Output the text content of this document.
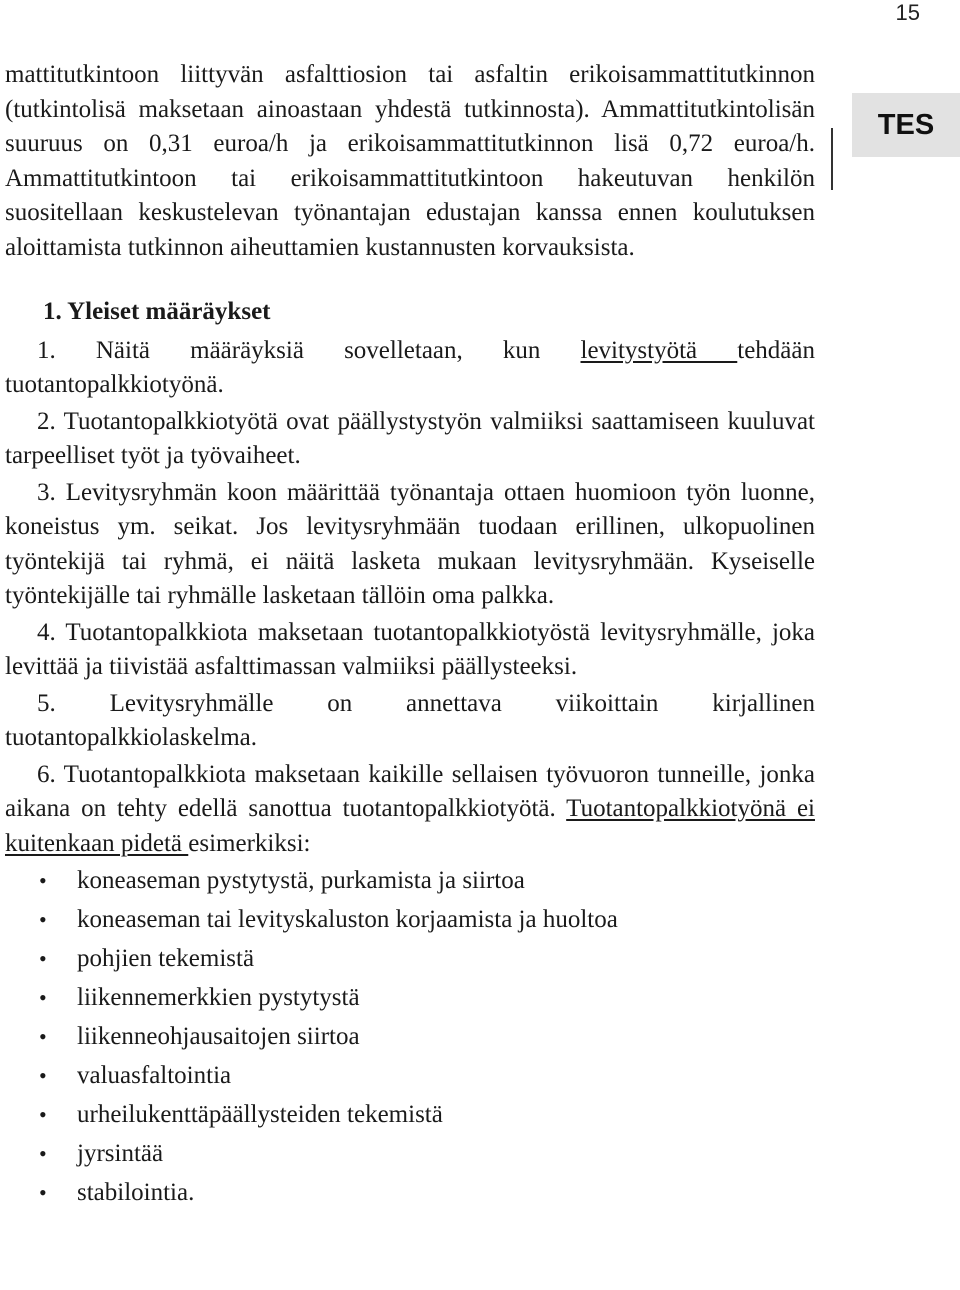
15
TES

mattitutkintoon liittyvän asfalttiosion tai asfaltin erikoisammattitutkinnon (tutkintolisä maksetaan ainoastaan yhdestä tutkinnosta). Ammattitutkintolisän suuruus on 0,31 euroa/h ja erikoisammattitutkinnon lisä 0,72 euroa/h. Ammattitutkintoon tai erikoisammattitutkintoon hakeutuvan henkilön suositellaan keskustelevan työnantajan edustajan kanssa ennen koulutuksen aloittamista tutkinnon aiheuttamien kustannusten korvauksista.

1. Yleiset määräykset

1. Näitä määräyksiä sovelletaan, kun levitystyötä tehdään tuotantopalkkiotyönä.

2. Tuotantopalkkiotyötä ovat päällystystyön valmiiksi saattamiseen kuuluvat tarpeelliset työt ja työvaiheet.

3. Levitysryhmän koon määrittää työnantaja ottaen huomioon työn luonne, koneistus ym. seikat. Jos levitysryhmään tuodaan erillinen, ulkopuolinen työntekijä tai ryhmä, ei näitä lasketa mukaan levitysryhmään. Kyseiselle työntekijälle tai ryhmälle lasketaan tällöin oma palkka.

4. Tuotantopalkkiota maksetaan tuotantopalkkiotyöstä levitysryhmälle, joka levittää ja tiivistää asfalttimassan valmiiksi päällysteeksi.

5. Levitysryhmälle on annettava viikoittain kirjallinen tuotantopalkkiolaskelma.

6. Tuotantopalkkiota maksetaan kaikille sellaisen työvuoron tunneille, jonka aikana on tehty edellä sanottua tuotantopalkkiotyötä. Tuotantopalkkiotyönä ei kuitenkaan pidetä esimerkiksi:

• koneaseman pystytystä, purkamista ja siirtoa
• koneaseman tai levityskaluston korjaamista ja huoltoa
• pohjien tekemistä
• liikennemerkkien pystytystä
• liikenneohjausaitojen siirtoa
• valuasfaltointia
• urheilukenttäpäällysteiden tekemistä
• jyrsintää
• stabilointia.
